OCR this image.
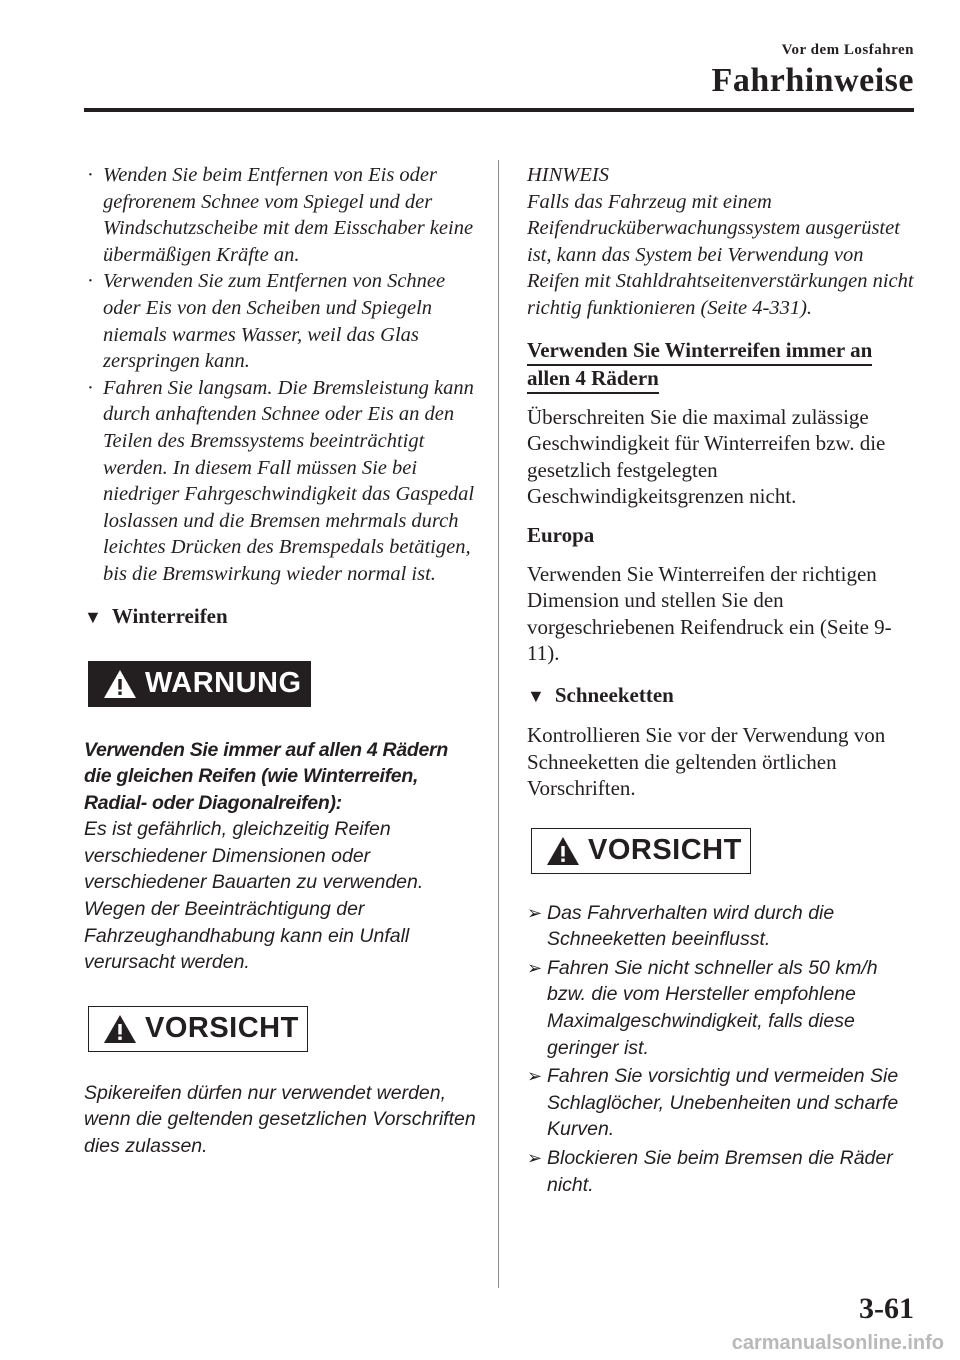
Vor dem Losfahren
Fahrhinweise
· Wenden Sie beim Entfernen von Eis oder gefrorenem Schnee vom Spiegel und der Windschutzscheibe mit dem Eisschaber keine übermäßigen Kräfte an.
· Verwenden Sie zum Entfernen von Schnee oder Eis von den Scheiben und Spiegeln niemals warmes Wasser, weil das Glas zerspringen kann.
· Fahren Sie langsam. Die Bremsleistung kann durch anhaftenden Schnee oder Eis an den Teilen des Bremssystems beeinträchtigt werden. In diesem Fall müssen Sie bei niedriger Fahrgeschwindigkeit das Gaspedal loslassen und die Bremsen mehrmals durch leichtes Drücken des Bremspedals betätigen, bis die Bremswirkung wieder normal ist.
▼ Winterreifen
WARNUNG

Verwenden Sie immer auf allen 4 Rädern die gleichen Reifen (wie Winterreifen, Radial- oder Diagonalreifen):

Es ist gefährlich, gleichzeitig Reifen verschiedener Dimensionen oder verschiedener Bauarten zu verwenden. Wegen der Beeinträchtigung der Fahrzeughandhabung kann ein Unfall verursacht werden.

VORSICHT

Spikereifen dürfen nur verwendet werden, wenn die geltenden gesetzlichen Vorschriften dies zulassen.

HINWEIS

Falls das Fahrzeug mit einem Reifendrucküberwachungssystem ausgerüstet ist, kann das System bei Verwendung von Reifen mit Stahldrahtseitenverstärkungen nicht richtig funktionieren (Seite 4-331).

Verwenden Sie Winterreifen immer an
allen 4 Rädern

Überschreiten Sie die maximal zulässige Geschwindigkeit für Winterreifen bzw. die gesetzlich festgelegten Geschwindigkeitsgrenzen nicht.

Europa

Verwenden Sie Winterreifen der richtigen Dimension und stellen Sie den vorgeschriebenen Reifendruck ein (Seite 9-11).

▼ Schneeketten

Kontrollieren Sie vor der Verwendung von Schneeketten die geltenden örtlichen Vorschriften.

VORSICHT
➢ Das Fahrverhalten wird durch die Schneeketten beeinflusst.
➢ Fahren Sie nicht schneller als 50 km/h bzw. die vom Hersteller empfohlene Maximalgeschwindigkeit, falls diese geringer ist.
➢ Fahren Sie vorsichtig und vermeiden Sie Schlaglöcher, Unebenheiten und scharfe Kurven.
➢ Blockieren Sie beim Bremsen die Räder nicht.
3-61
carmanualsonline.info
